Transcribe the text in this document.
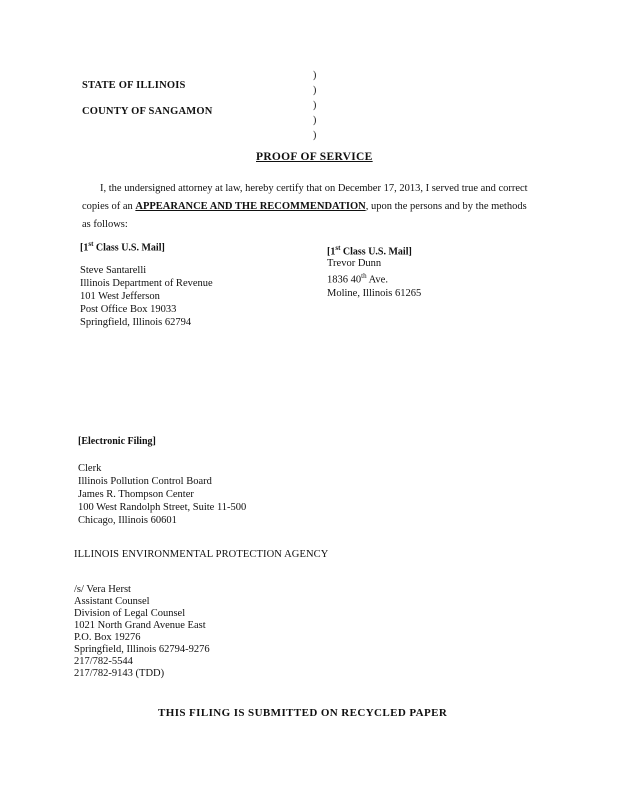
STATE OF ILLINOIS
COUNTY OF SANGAMON
)
)
)
)
)
PROOF OF SERVICE
I, the undersigned attorney at law, hereby certify that on December 17, 2013, I served true and correct
copies of an APPEARANCE AND THE RECOMMENDATION, upon the persons and by the methods
as follows:
[1st Class U.S. Mail]
Steve Santarelli
Illinois Department of Revenue
101 West Jefferson
Post Office Box 19033
Springfield, Illinois 62794
[1st Class U.S. Mail]
Trevor Dunn
1836 40th Ave.
Moline, Illinois 61265
[Electronic Filing]
Clerk
Illinois Pollution Control Board
James R. Thompson Center
100 West Randolph Street, Suite 11-500
Chicago, Illinois 60601
ILLINOIS ENVIRONMENTAL PROTECTION AGENCY
/s/ Vera Herst
Assistant Counsel
Division of Legal Counsel
1021 North Grand Avenue East
P.O. Box 19276
Springfield, Illinois 62794-9276
217/782-5544
217/782-9143 (TDD)
THIS FILING IS SUBMITTED ON RECYCLED PAPER
